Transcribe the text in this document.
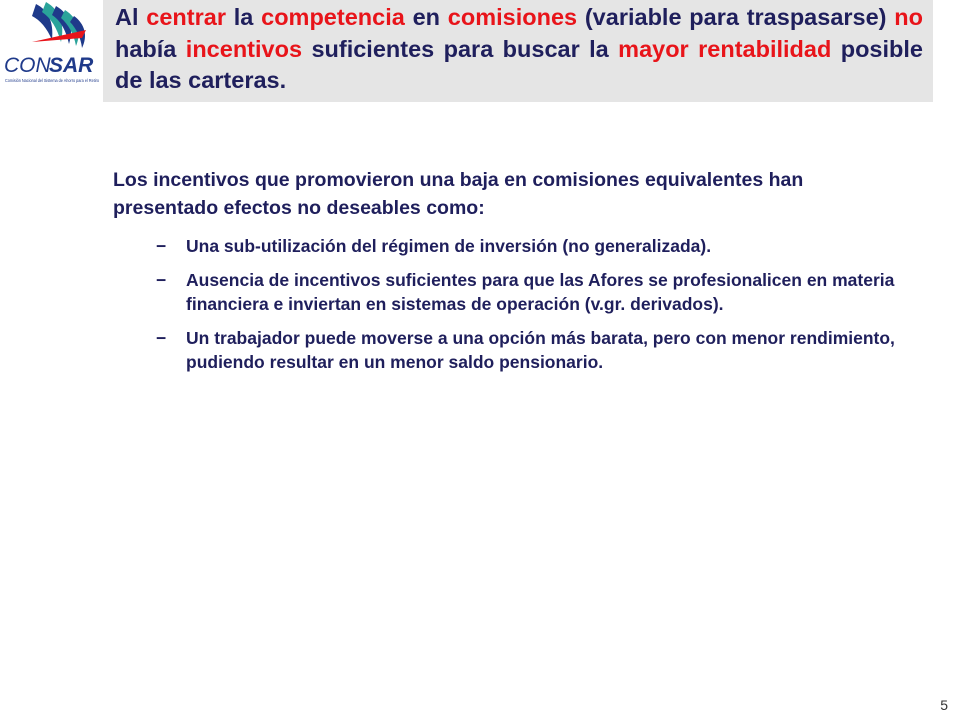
CON
SAR
Comisión Nacional del Sistema de Ahorro para el Retiro

Al centrar la competencia en comisiones (variable para traspasarse) no había incentivos suficientes para buscar la mayor rentabilidad posible de las carteras.

Los incentivos que promovieron una baja en comisiones equivalentes han presentado efectos no deseables como:

− Una sub-utilización del régimen de inversión (no generalizada).
− Ausencia de incentivos suficientes para que las Afores se profesionalicen en materia financiera e inviertan en sistemas de operación (v.gr. derivados).
− Un trabajador puede moverse a una opción más barata, pero con menor rendimiento, pudiendo resultar en un menor saldo pensionario.
5
